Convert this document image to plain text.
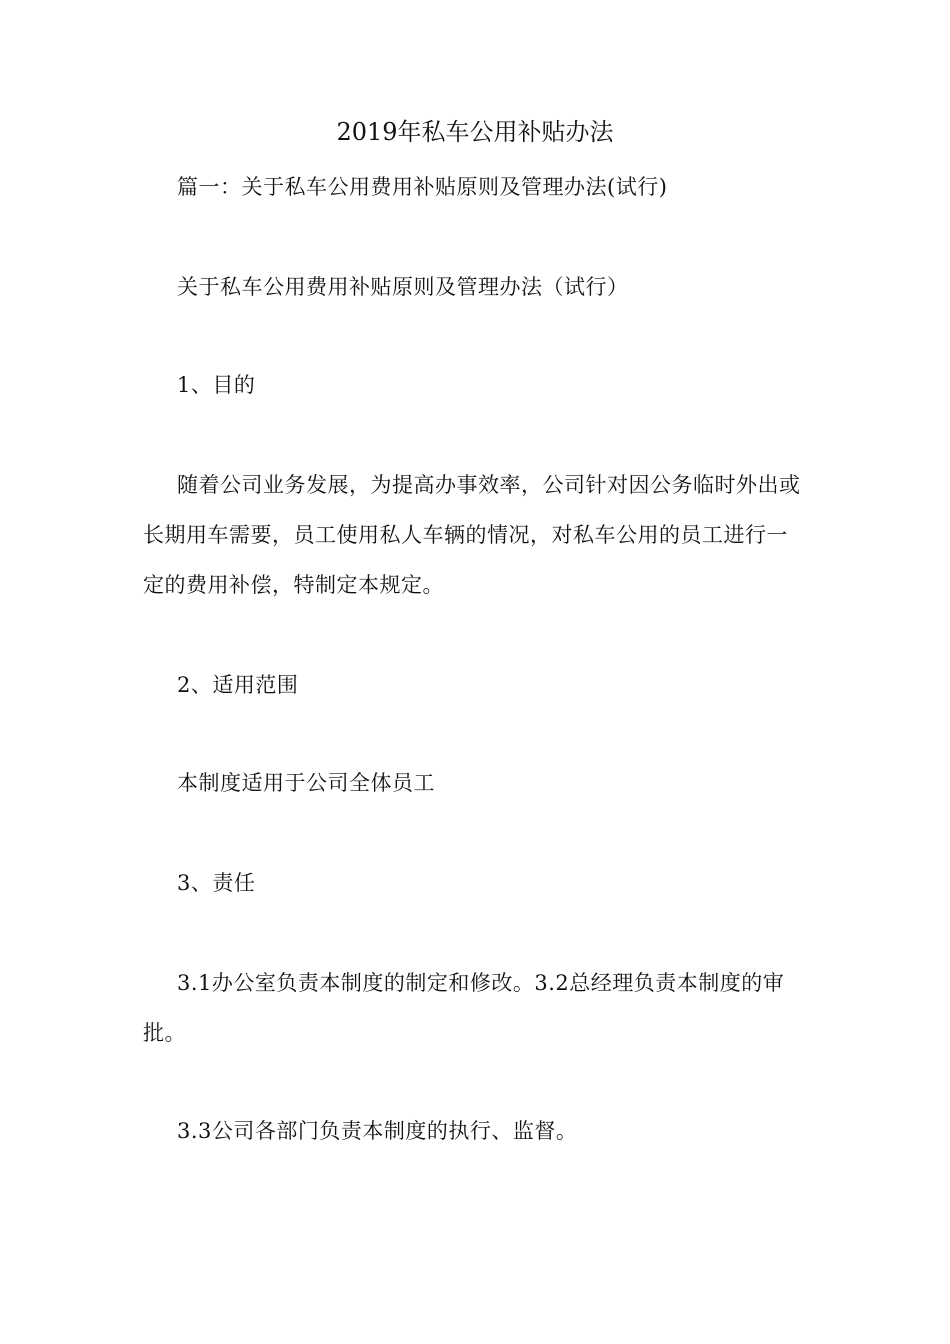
2019年私车公用补贴办法
篇一：关于私车公用费用补贴原则及管理办法(试行)
关于私车公用费用补贴原则及管理办法（试行）
1、目的
随着公司业务发展，为提高办事效率，公司针对因公务临时外出或长期用车需要，员工使用私人车辆的情况，对私车公用的员工进行一定的费用补偿，特制定本规定。
2、适用范围
本制度适用于公司全体员工
3、责任
3.1办公室负责本制度的制定和修改。3.2总经理负责本制度的审批。
3.3公司各部门负责本制度的执行、监督。
